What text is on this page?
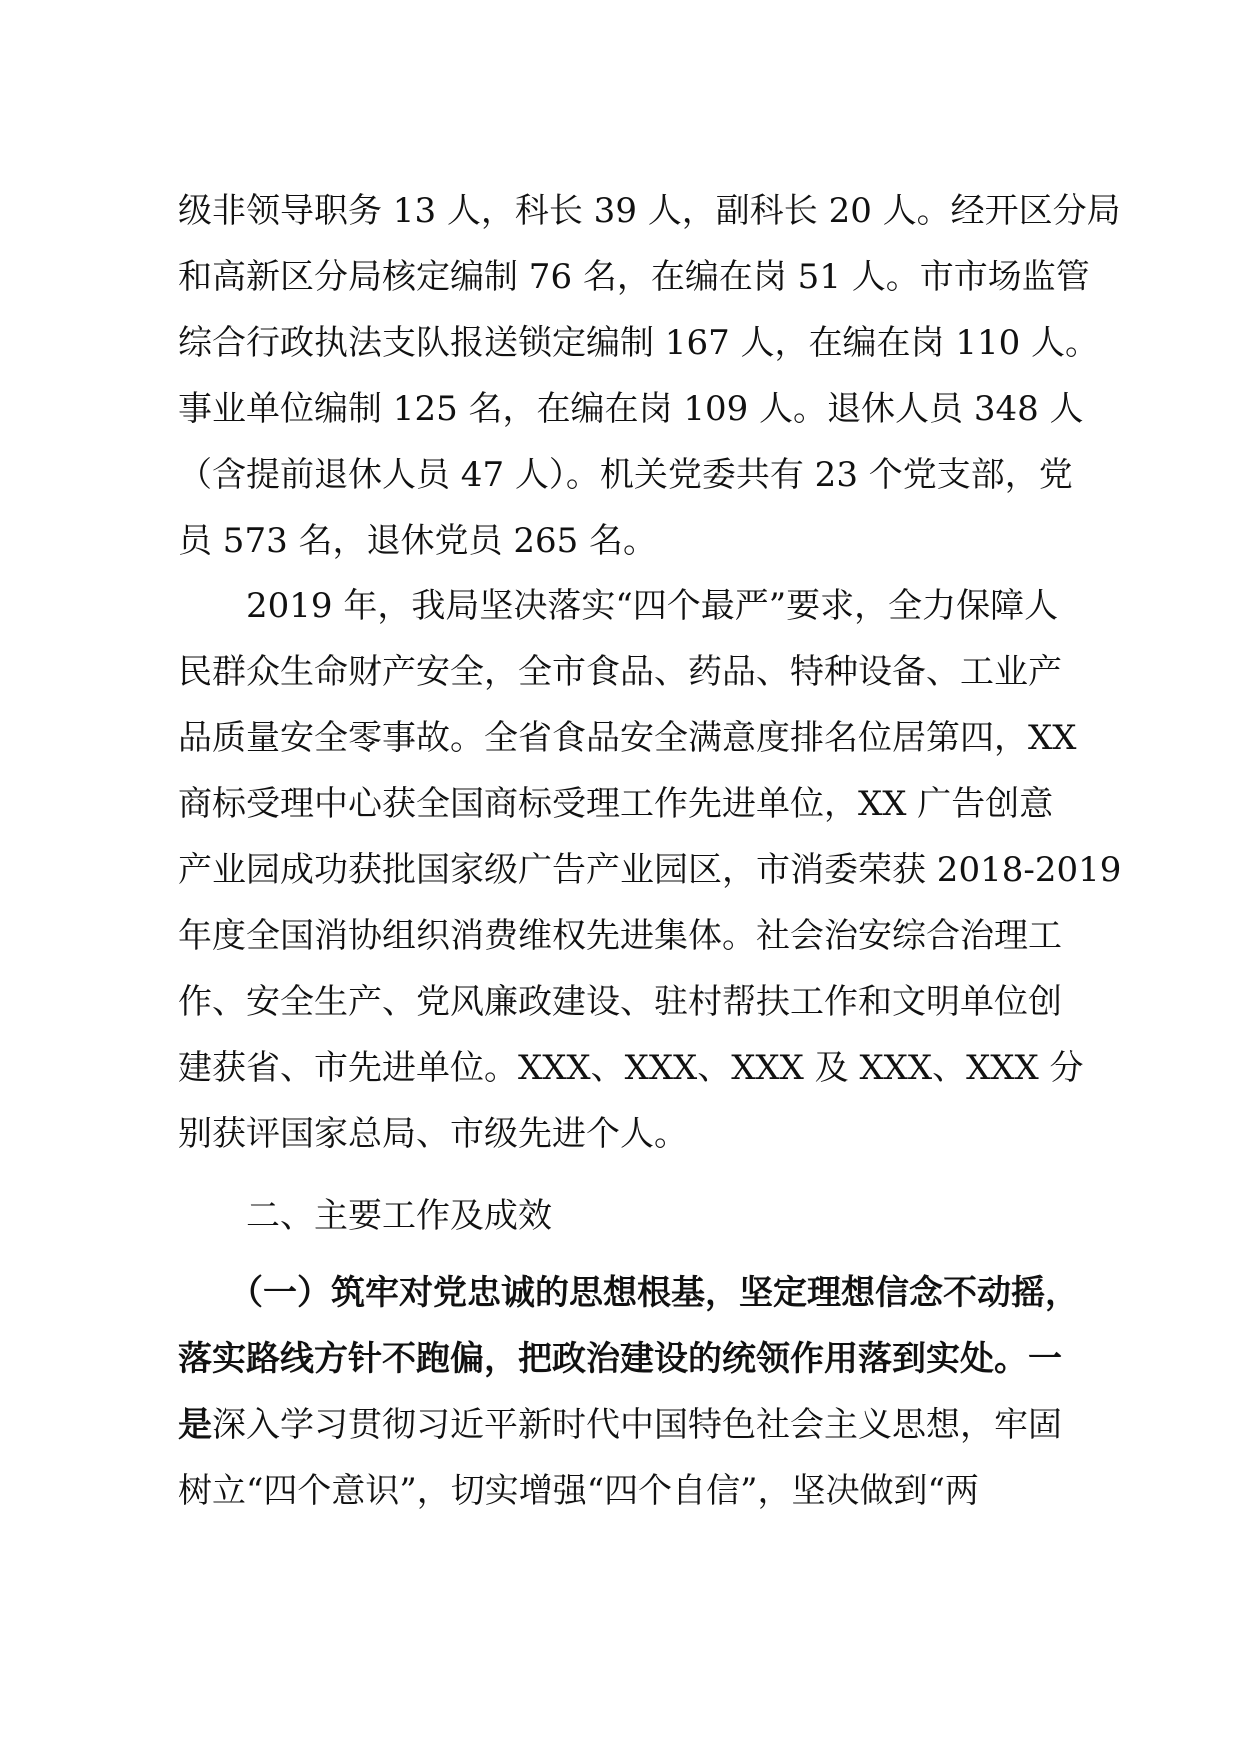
级非领导职务 13 人，科长 39 人，副科长 20 人。经开区分局
和高新区分局核定编制 76 名，在编在岗 51 人。市市场监管
综合行政执法支队报送锁定编制 167 人，在编在岗 110 人。
事业单位编制 125 名，在编在岗 109 人。退休人员 348 人
（含提前退休人员 47 人）。机关党委共有 23 个党支部，党
员 573 名，退休党员 265 名。
　　2019 年，我局坚决落实“四个最严”要求，全力保障人
民群众生命财产安全，全市食品、药品、特种设备、工业产
品质量安全零事故。全省食品安全满意度排名位居第四，XX
商标受理中心获全国商标受理工作先进单位，XX 广告创意
产业园成功获批国家级广告产业园区，市消委荣获 2018-2019
年度全国消协组织消费维权先进集体。社会治安综合治理工
作、安全生产、党风廉政建设、驻村帮扶工作和文明单位创
建获省、市先进单位。XXX、XXX、XXX 及 XXX、XXX 分
别获评国家总局、市级先进个人。
　　二、主要工作及成效
　　（一）筑牢对党忠诚的思想根基，坚定理想信念不动摇，
落实路线方针不跑偏，把政治建设的统领作用落到实处。一
是深入学习贯彻习近平新时代中国特色社会主义思想，牢固
树立“四个意识”，切实增强“四个自信”，坚决做到“两
